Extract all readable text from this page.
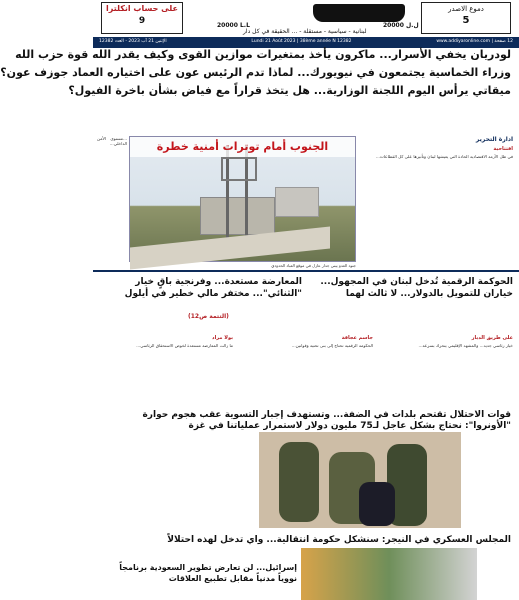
على حساب انكلترا
9	20000 L.L	20000 ل.ل
لبنانية - سياسية - مستقلة - ... الحقيقة في كل دار
دموع الاصدر
5
12 صفحة | www.addiyaronline.com
Lundi 21 Août 2023 | 38ème année N 12382
الإثنين 21 آب 2023 - العدد 12382
لودريان يخفي الأسرار... ماكرون يأخذ بمتغيرات موازين القوى وكيف يقدر الله قوة حزب الله
وزراء الخماسية يجتمعون في نيويورك... لماذا تدم الرئيس عون على اختياره العماد جوزف عون؟
ميقاتي يرأس اليوم اللجنة الوزارية... هل يتخذ قراراً مع فياض بشأن باخرة الفيول؟
...مستوى الأمن الداخلي...	الجنوب أمام توترات أمنية خطرة
جنود العدو يبني جدار عازل في موقع العباد الحدودي
ادارة التحرير
افتتاحية
في ظل الأزمة الاقتصادية الحادة التي يعيشها لبنان وتأثيرها على كل القطاعات...
الحوكمة الرقمية تُدخل لبنان في المجهول... خياران للتمويل بالدولار... لا ثالث لهما
المعارضة مستعدة... وفرنجية باقٍ خيار "الثنائي"... مختفر مالي خطير في أيلول
(التتمة ص12)
على طريق الديار
خيار رئاسي جديد... والمشهد الإقليمي يتحرك بسرعة...
جاسم عجاقة
الحكومة الرقمية تحتاج إلى بنى تحتية وقوانين...
بولا مراد
ما زالت المعارضة مستعدة لخوض الاستحقاق الرئاسي...
قوات الاحتلال تقتحم بلدات في الضفة... وتستهدف إجبار التسوية عقب هجوم حوارة "الأونروا": نحتاج بشكل عاجل لـ75 مليون دولار لاستمرار عملياتنا في غزة
المجلس العسكري في النيجر: سنشكل حكومة انتقالية... واي تدخل لهذه احتلالاً
إسرائيل... لن تعارض تطوير السعودية برنامجاً نووياً مدنياً مقابل تطبيع العلاقات
